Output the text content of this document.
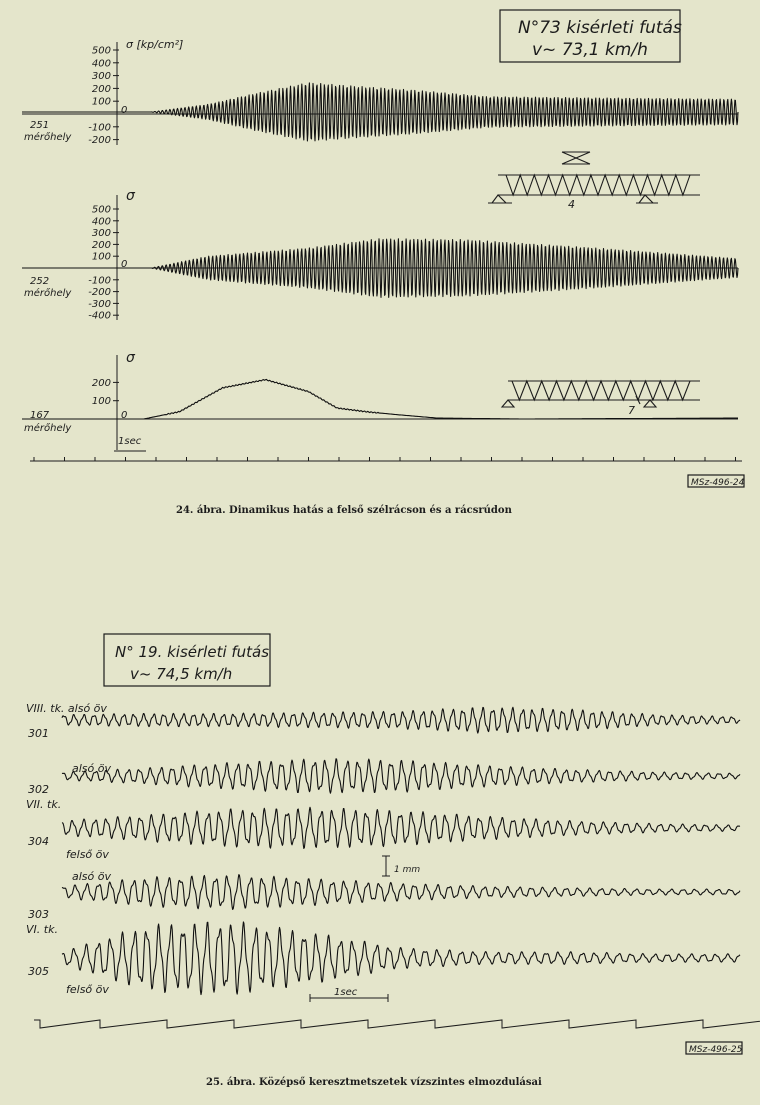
N°73 kisérleti futás
v~ 73,1 km/h
σ [kp/cm²]
251
mérőhely
500
400
300
200
100
-100
-200
0
4
σ
252
mérőhely
500
400
300
200
100
-100
-200
-300
-400
0
σ
167
mérőhely
200
100
0	7
1sec
MSz-496-24
24. ábra. Dinamikus hatás a felső szélrácson és a rácsrúdon
N° 19. kisérleti futás
v~ 74,5 km/h
VIII. tk. alsó öv
301
alsó öv
302
VII. tk.
304
felső öv
1 mm
alsó öv
303
VI. tk.
305
felső öv	1sec
MSz-496-25
25. ábra. Középső keresztmetszetek vízszintes elmozdulásai
